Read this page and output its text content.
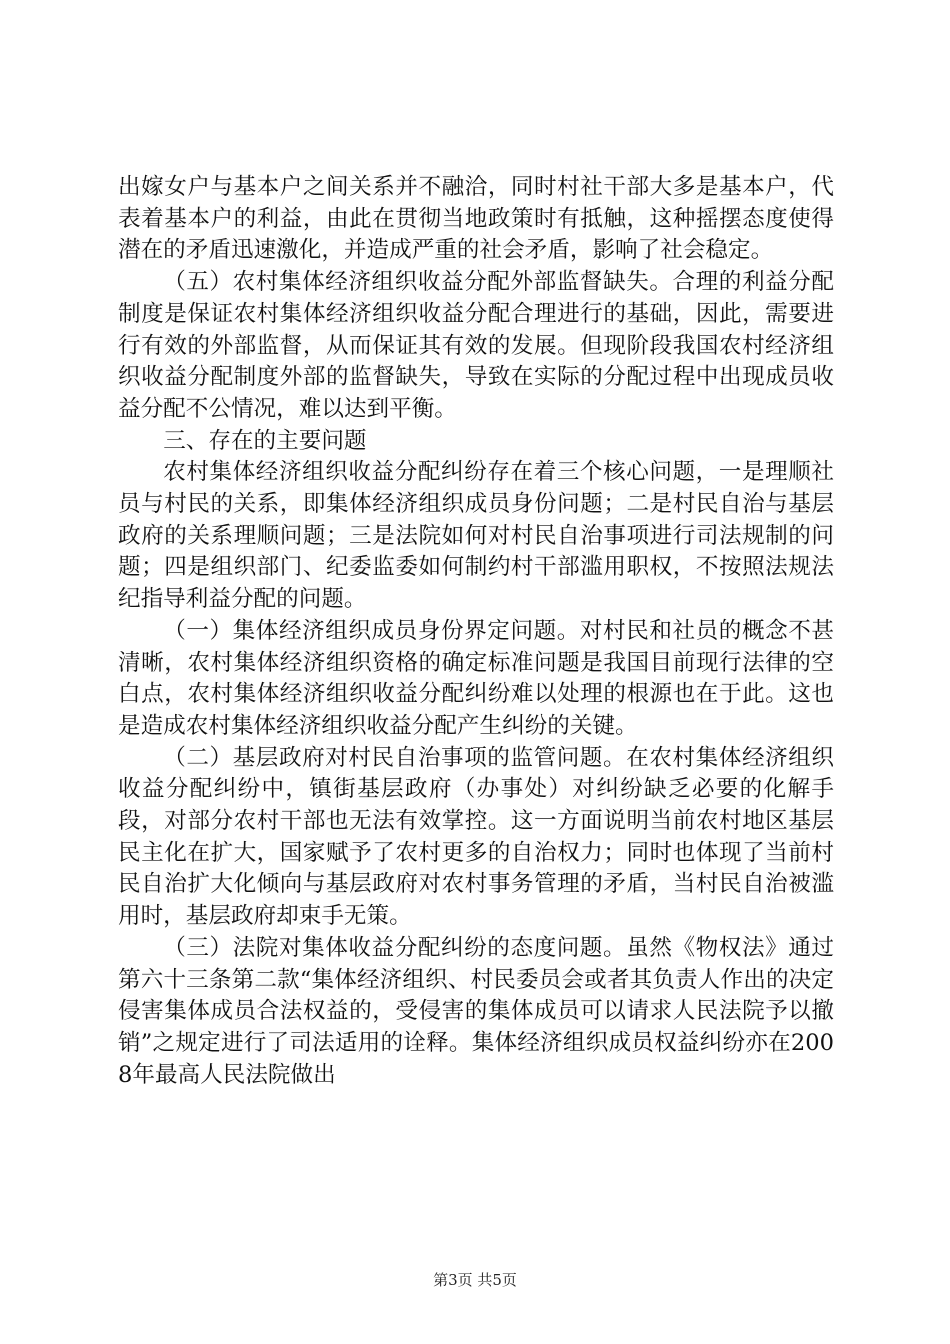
出嫁女户与基本户之间关系并不融洽，同时村社干部大多是基本户，代表着基本户的利益，由此在贯彻当地政策时有抵触，这种摇摆态度使得潜在的矛盾迅速激化，并造成严重的社会矛盾，影响了社会稳定。

（五）农村集体经济组织收益分配外部监督缺失。合理的利益分配制度是保证农村集体经济组织收益分配合理进行的基础，因此，需要进行有效的外部监督，从而保证其有效的发展。但现阶段我国农村经济组织收益分配制度外部的监督缺失，导致在实际的分配过程中出现成员收益分配不公情况，难以达到平衡。

三、存在的主要问题

农村集体经济组织收益分配纠纷存在着三个核心问题，一是理顺社员与村民的关系，即集体经济组织成员身份问题；二是村民自治与基层政府的关系理顺问题；三是法院如何对村民自治事项进行司法规制的问题；四是组织部门、纪委监委如何制约村干部滥用职权，不按照法规法纪指导利益分配的问题。

（一）集体经济组织成员身份界定问题。对村民和社员的概念不甚清晰，农村集体经济组织资格的确定标准问题是我国目前现行法律的空白点，农村集体经济组织收益分配纠纷难以处理的根源也在于此。这也是造成农村集体经济组织收益分配产生纠纷的关键。

（二）基层政府对村民自治事项的监管问题。在农村集体经济组织收益分配纠纷中，镇街基层政府（办事处）对纠纷缺乏必要的化解手段，对部分农村干部也无法有效掌控。这一方面说明当前农村地区基层民主化在扩大，国家赋予了农村更多的自治权力；同时也体现了当前村民自治扩大化倾向与基层政府对农村事务管理的矛盾，当村民自治被滥用时，基层政府却束手无策。

（三）法院对集体收益分配纠纷的态度问题。虽然《物权法》通过第六十三条第二款“集体经济组织、村民委员会或者其负责人作出的决定侵害集体成员合法权益的，受侵害的集体成员可以请求人民法院予以撤销”之规定进行了司法适用的诠释。集体经济组织成员权益纠纷亦在2008年最高人民法院做出

第3页 共5页
